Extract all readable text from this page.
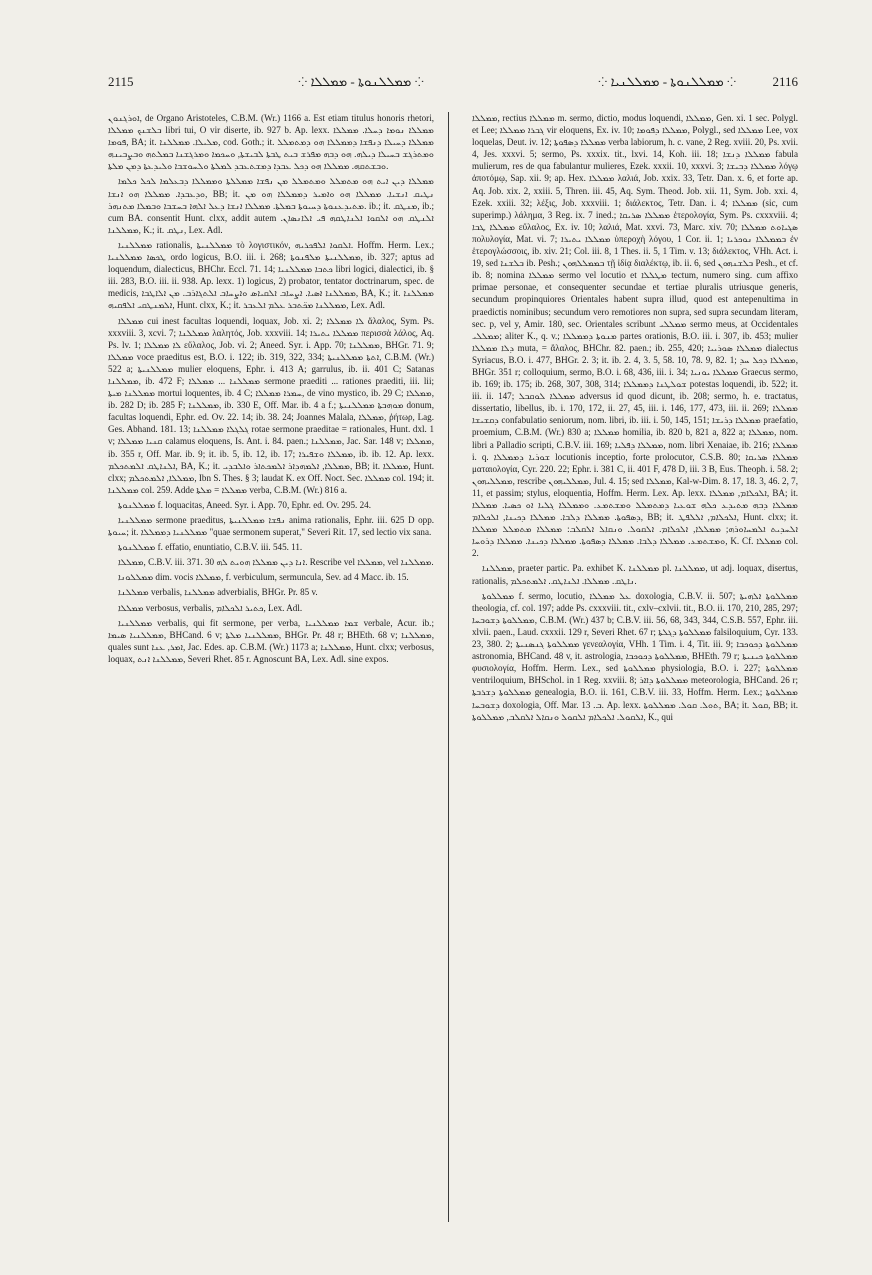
2115	⁘ ܡܡܠܠܢܘܬܐ - ܡܡܠܠܐ ⁘	⁘ ܡܡܠܠܢܘܬܐ - ܡܡܠܠܢܝܐ ⁘	2116

ܐܘܪܓܢܘܢ, de Organo Aristoteles, C.B.M. (Wr.) 1166 a. Est etiam titulus honoris rhetori, ܒܠܫܢܟ ܡܡܠܠܐ libri tui, O vir diserte, ib. 927 b. Ap. lexx. ܡܡܠܠܐ ܢܘܡܐ ܕܚܠܐ. ܡܡܠܠܐ ܦܘܡܐ, BA; it. ܡܠܝܠܐ. ܡܡܠܠܢܐ, cod. Goth.; it. ܡܡܠܠܐ ܕܚܝܠܐ ܕܢܦܫܐ ܕܡܡܠܠܐ ܗܘ ܕܡܬܡܠܠ ܘܡܬܪܓܫ ܒܚܝܠܐ ܕܝܠܗ. ܗܘ ܕܒܗ ܡܦܪܫ ܒܝܬ ܛܒܬܐ ܠܒܝܫܬܐ, ܘܚܟܡܐ ܘܡܪܓܫܢܐ ܒܡܠܬܗ ܘܒܨܒܝܢܗ ܘܒܫܬܩܗ. ܡܡܠܠܐ ܗܘ ܕܟܠ ܥܒܕܐ ܕܡܫܬܥܒܕ ܠܡܠܬܐ ܘܠܚܘܫܒܐ ܘܠܝܕܥܬܐ ܕܡܢ ܡܠܬܐ.

ܡܡܠܠܐ ܕܝܢ ܐܝܬ ܗܘ ܡܬܡܠܠ ܘܡܬܡܠܠ ܡܢ ܢܦܫܐ ܡܡܠܠܬܐ ܘܡܡܠܠܐ ܕܒܥܠܡܐ ܠܟܠ ܟܠܡܐ ܘܕܥܒܕܐ. ܡܡܠܠܐ ܗܘ ܐܢܫܐ, BB; it. ܢܛܝܩ ܐܢܫܝܐ. ܡܡܠܠܐ ܗܘ ܘܐܡܝܪ ܕܡܡܠܠܐ ܗܘ ܡܢ ܡܬܝܕܥܢܘܬܐ ܕܚܝܘܬܐ ܒܡܠܬܐ. ܡܡܠܠܐ ܐܢܫܐ ܕܥܠ ܐܠܗܐ ܒܚܫܒܐ ܘܒܡܠܐ ܡܬܢܗܪ. ib.; it. ܡܢܛܩ, ib.; cum BA. consentit Hunt. clxx, addit autem ܐܠܢܛܩ ܗܘ ܐܠܩܘܐ ܐܠܢܐܛܩܗ ܦܝ ܐܠܐܢܣܐܢ. ܡܡܠܠܢܐ, K.; it. ܢܛܩ, Lex. Adl.

ܡܡܠܠܢܝܐ rationalis, ܡܡܠܠܢܝܬܐ τὸ λογιστικόν, ܐܠܩܘܐ ܐܠܦܟܪܝܗ. Hoffm. Herm. Lex.; ܛܟܣܐ ܡܡܠܠܢܝܐ ordo logicus, B.O. iii. i. 268; ܡܡܠܠܢܝܬܐ ܡܠܦܢܘܬܐ, ib. 327; aptus ad loquendum, dialecticus, BHChr. Eccl. 71. 14; ܟܬܒܐ ܡܡܠܠܢܝܐ libri logici, dialectici, ib. § iii. 283, B.O. iii. ii. 938. Ap. lexx. 1) logicus, 2) probator, tentator doctrinarum, spec. de medicis, ܡܡܠܠܢܐ ܐܣܝܐ. ܐܨܚܐܒ ܐܠܩܝܐܣ ܘܐܨܚܐܒ ܐܠܬܓܐܪܒ. ܡܢ ܐܠܐܛܒܐ, BA, K.; it. ܡܡܠܠܢܐ ܐܠܡܢܛܩܝ ܐܠܦܩܝܗ, Hunt. clxx, K.; it. ܡܡܠܠܢܐ ܡܟ̈ܬܒܪ ܥܠܡ ܐܠܥܒܪ, Lex. Adl.

ܡܡܠܠܐ cui inest facultas loquendi, loquax, Job. xi. 2; ܠܐ ܡܡܠܠܐ ἄλαλος, Sym. Ps. xxxviii. 3, xcvi. 7; ܡܡܠܠܢܐ λαλητός, Job. xxxviii. 14; ܡܡܠܠܐ ܝܬܝܪܐ περισσὰ λάλος, Aq. Ps. lv. 1; ܠܐ ܡܡܠܠܐ εὔλαλος, Job. vi. 2; Aneed. Syr. i. App. 70; ܡܡܠܠܢܐ, BHGr. 71. 9; ܡܡܠܠܐ voce praeditus est, B.O. i. 122; ib. 319, 322, 334; ܐܬܬܐ ܡܡܠܠܢܝܬܐ, C.B.M. (Wr.) 522 a; ܡܡܠܠܢܝܬܐ mulier eloquens, Ephr. i. 413 A; garrulus, ib. ii. 401 C; Satanas ܡܡܠܠܢܐ, ib. 472 F; ܡܡܠܠܢܐ ... ܡܡܠܠܐ sermone praediti ... rationes praediti, iii. lii; ܡܡܠܠܢܐ ܡܝܬܐ mortui loquentes, ib. 4 C; ܚܡܪܐ ܡܡܠܠܐ, de vino mystico, ib. 29 C; ܡܡܠܠܐ, ib. 282 D; ib. 285 F; ܡܡܠܠܢܐ, ib. 330 E, Off. Mar. ib. 4 a f.; ܡܘܗܒܬܐ ܡܡܠܠܢܝܬܐ donum, facultas loquendi, Ephr. ed. Ov. 22. 14; ib. 38. 24; Joannes Malala, ܡܡܠܠܐ, ῥήτωρ, Lag. Ges. Abhand. 181. 13; ܓܠܓܠܐ ܡܡܠܠܢܐ rotae sermone praeditae = rationales, Hunt. dxl. 1 v; ܩܢܝܐ ܡܡܠܠܐ calamus eloquens, Is. Ant. i. 84. paen.; ܡܡܠܠܢܐ, Jac. Sar. 148 v; ܡܡܠܠܐ, ib. 355 r, Off. Mar. ib. 9; it. ib. 5, ib. 12, ib. 17; ܡܡܠܠܐ ܘܫܦܝܪܐ, ib. ib. 12. Ap. lexx. ܐܠܢܐܛܩ ܐܠܡܬܟܠܡ, BA, K.; it. ܡܡܠܠܐ, ܐܠܡܗܕܐܪ ܐܠܡܟܬܐܪ ܘܐܠܒܕܝ, BB; it. ܡܡܠܠܐ, Hunt. clxx; ܡܡܠܠܐ, ܐܠܡܬܟܠܡ, Ibn S. Thes. § 3; laudat K. ex Off. Noct. Sec. ܡܡܠܠܐ col. 194; it. ܡܡܠܠܢܐ col. 259. Adde ܡܡܠܠܐ = ܡܠܬܐ verba, C.B.M. (Wr.) 816 a.

ܡܡܠܠܢܘܬܐ f. loquacitas, Aneed. Syr. i. App. 70, Ephr. ed. Ov. 295. 24.

ܡܡܠܠܢܝܐ sermone praeditus, ܢܦܫܐ ܡܡܠܠܢܝܬܐ anima rationalis, Ephr. iii. 625 D opp. ܚܝܘܬܐ; it. ܡܡܠܠܢܝܐ ܕܡܡܠܠܐ "quae sermonem superat," Severi Rit. 17, sed lectio vix sana.

ܡܡܠܠܢܘܬܐ f. effatio, enuntiatio, C.B.V. iii. 545. 11.

ܡܡܠܠܐ, C.B.V. iii. 371. 30 ܐܢܐ ܕܝܢ ܡܡܠܠܐ ܗܘܝܬ ܠܗ. Rescribe vel ܡܡܠܠܐ, vel ܡܡܠܠܢܐ.

ܡܡܠܠܘܢܐ dim. vocis ܡܡܠܠܐ, f. verbiculum, sermuncula, Sev. ad 4 Macc. ib. 15.

ܡܡܠܠܢܐ verbalis, ܡܡܠܠܢܐ adverbialis, BHGr. Pr. 85 v.

ܡܡܠܠܐ verbosus, verbalis, ܟܬܝܪ ܐܠܟܠܐܡ, Lex. Adl.

ܡܡܠܠܢܝܐ verbalis, qui fit sermone, per verba, ܫܡܐ ܡܡܠܠܢܝܐ verbale, Acur. ib.; ܡܡܠܠܢܝܐ ܣܝܡܐ, BHCand. 6 v; ܡܡܠܠܢܝܐ ܡܠܬܐ, BHGr. Pr. 48 r; BHEth. 68 v; ܡܡܠܠܢܐ, quales sunt ܐܡܪ, ܥܢܐ, Jac. Edes. ap. C.B.M. (Wr.) 1173 a; ܡܡܠܠܢܐ, Hunt. clxx; verbosus, loquax, ܡܡܠܠܢܐ ܐܢܬ, Severi Rhet. 85 r. Agnoscunt BA, Lex. Adl. sine expos.

ܡܡܠܠܐ, rectius ܡܡܠܠܐ m. sermo, dictio, modus loquendi, ܡܡܠܠܐ, Gen. xi. 1 sec. Polygl. et Lee; ܓܒܪܐ ܡܡܠܠܐ vir eloquens, Ex. iv. 10; ܡܡܠܠܐ ܕܦܘܡܐ, Polygl., sed ܡܡܠܠܐ Lee, vox loquelas, Deut. iv. 12; ܡܡܠܠܐ ܕܣܦܘܬܐ verba labiorum, h. c. vane, 2 Reg. xviii. 20, Ps. xvii. 4, Jes. xxxvi. 5; sermo, Ps. xxxix. tit., lxvi. 14, Koh. iii. 18; ܡܡܠܠܐ ܕܢܫܐ fabula mulierum, res de qua fabulantur mulieres, Ezek. xxxii. 10, xxxvi. 3; ܡܡܠܠܐ ܕܒܝܫܐ λόγῳ ἀποτόμῳ, Sap. xii. 9; ap. Hex. ܡܡܠܠܐ λαλιά, Job. xxix. 33, Tetr. Dan. x. 6, et forte ap. Aq. Job. xix. 2, xxiii. 5, Thren. iii. 45, Aq. Sym. Theod. Job. xii. 11, Sym. Job. xxi. 4, Ezek. xxiii. 32; λέξις, Job. xxxviii. 1; διάλεκτος, Tetr. Dan. i. 4; ܡܡܠܠܐ (sic, cum superimp.) λάλημα, 3 Reg. ix. 7 ined.; ܡܡܠܠܐ ܣܪܝܩܐ ἑτερολογία, Sym. Ps. cxxxviii. 4; ܡܡܠܠܐ ܛܒܐ εὔλαλος, Ex. iv. 10; λαλιά, Mat. xxvi. 73, Marc. xiv. 70; ܣܓܝܐܘܬ ܡܡܠܠܐ πολυλογία, Mat. vi. 7; ܡܡܠܠܐ ܝܬܝܪܐ ὑπεροχὴ λόγου, 1 Cor. ii. 1; ܒܡܡܠܠܐ ܢܘܟܪܝܐ ἐν ἑτερογλώσσοις, ib. xiv. 21; Col. iii. 8, 1 Thes. ii. 5, 1 Tim. v. 13; διάλεκτος, VHh. Act. i. 19, sed ܒܠܫܢܐ ib. Pesh.; ܒܡܡܠܠܗܘܢ τῇ ἰδίᾳ διαλέκτῳ, ib. ii. 6, sed ܒܠܫܢܗܘܢ Pesh., et cf. ib. 8; nomina ܡܡܠܠܐ sermo vel locutio et ܡܛܠܠܐ tectum, numero sing. cum affixo primae personae, et consequenter secundae et tertiae pluralis utriusque generis, secundum propinquiores Orientales habent supra illud, quod est antepenultima in praedictis nominibus; secundum vero remotiores non supra, sed supra secundam literam, sec. p, vel y, Amir. 180, sec. Orientales scribunt ܡܡܠܠܝ sermo meus, at Occidentales ܡܡܠܠܝ; aliter K., q. v.; ܡܢܘܬܐ ܕܡܡܠܠܐ partes orationis, B.O. iii. i. 307, ib. 453; mulier ܕܠܐ ܡܡܠܠܐ muta, = ἄλαλος, BHChr. 82. paen.; ib. 255, 420; ܡܡܠܠܐ ܣܘܪܝܝܐ dialectus Syriacus, B.O. i. 477, BHGr. 2. 3; it. ib. 2. 4, 3. 5, 58. 10, 78. 9, 82. 1; ܡܡܠܠܐ ܕܟܠ ܚܕ, BHGr. 351 r; colloquium, sermo, B.O. i. 68, 436, iii. i. 34; ܡܡܠܠܐ ܝܘܢܝܐ Graecus sermo, ib. 169; ib. 175; ib. 268, 307, 308, 314; ܫܘܠܛܢܐ ܕܡܡܠܠܐ potestas loquendi, ib. 522; it. iii. ii. 147; ܡܡܠܠܐ ܠܘܩܒܠ adversus id quod dicunt, ib. 208; sermo, h. e. tractatus, dissertatio, libellus, ib. i. 170, 172, ii. 27, 45, iii. i. 146, 177, 473, iii. ii. 269; ܡܡܠܠܐ ܕܩܫܝܫܐ confabulatio seniorum, nom. libri, ib. iii. i. 50, 145, 151; ܡܡܠܠܐ ܕܪܝܫܐ praefatio, proemium, C.B.M. (Wr.) 830 a; ܡܡܠܠܐ homilia, ib. 820 b, 821 a, 822 a; ܡܡܠܠܐ, nom. libri a Palladio scripti, C.B.V. iii. 169; ܡܡܠܠܐ ܕܦܠܝܐ, nom. libri Xenaiae, ib. 216; ܡܡܠܠܐ i. q. ܫܘܪܝܐ ܕܡܡܠܠܐ locutionis inceptio, forte prolocutor, C.S.B. 80; ܡܡܠܠܐ ܣܪܝܩܐ ματαιολογία, Cyr. 220. 22; Ephr. i. 381 C, ii. 401 F, 478 D, iii. 3 B, Eus. Theoph. i. 58. 2; ܡܡܠܠܝܗܘܢ, rescribe ܡܡܠܠܝܗܘܢ, Jul. 4. 15; sed ܡܡܠܠܐ, Kal-w-Dim. 8. 17, 18. 3, 46. 2, 7, 11, et passim; stylus, eloquentia, Hoffm. Herm. Lex. Ap. lexx. ܐܠܟܠܐܡ, ܡܡܠܠܐ, BA; it. ܡܡܠܠܐ ܕܒܗ ܡܬܝܕܥ ܟܠܗ ܫܘܥܝܐ ܕܡܬܡܠܠ ܘܡܫܬܡܥ. ܘܡܡܠܠܐ ܓܠܝܐ ܐܘ ܟܣܝܐ. ܡܡܠܠܐ ܕܣܦܘܬܐ. ܡܡܠܠܐ ܕܠܒܐ. ܡܡܠܠܐ ܕܟܝܢܐ, ܐܠܟܠܐܡ, BB; it. ܐܠܟܠܐܡ, ܐܠܠܦܛ, Hunt. clxx; it. ܐܠܚܕܝܬ ܐܠܡܚܐܘܪܗ; ܡܡܠܠܐ, ܐܠܟܠܐܡ. ܐܠܩܘܠ. ܘܢܩܐܠ ܐܠܩܠܒ: ܡܡܠܠܐ ܡܬܡܠܠ ܡܡܠܠܐ ܘܡܫܬܡܥ. ܡܡܠܠܐ ܕܠܒܐ. ܡܡܠܠܐ ܕܣܦܘܬܐ. ܡܡܠܠܐ ܕܟܝܢܐ. ܡܡܠܠܐ ܕܪܘܚܐ, K. Cf. ܡܡܠܠܐ col. 2.

ܡܡܠܠܢܐ, praeter partic. Pa. exhibet K. ܡܡܠܠܢܐ pl. ܡܡܠܠܢܐ, ut adj. loquax, disertus, rationalis, ܢܐܛܩ. ܡܡܠܠܐ. ܐܠܢܐܛܩ. ܐܠܡܬܟܠܡ.

ܡܡܠܠܘܬܐ f. sermo, locutio, ܥܠ ܡܡܠܠܐ doxologia, C.B.V. ii. 507; ܡܡܠܠܘܬܐ ܐܠܗܝܬܐ theologia, cf. col. 197; adde Ps. cxxxviii. tit., cxlv–cxlvii. tit., B.O. ii. 170, 210, 285, 297; ܡܡܠܠܘܬܐ ܕܫܘܒܚܐ, C.B.M. (Wr.) 437 b; C.B.V. iii. 56, 68, 343, 344, C.S.B. 557, Ephr. iii. xlvii. paen., Laud. cxxxii. 129 r, Severi Rhet. 67 r; ܡܡܠܠܘܬܐ ܕܓܠܬܐ falsiloquium, Cyr. 133. 23, 380. 2; ܡܡܠܠܘܬܐ ܓܢܣܢܝܬܐ γενεαλογία, VHh. 1 Tim. i. 4, Tit. iii. 9; ܡܡܠܠܘܬܐ ܕܟܘܟܒܐ astronomia, BHCand. 48 v, it. astrologia, ܡܡܠܠܘܬܐ ܕܟܘܟܒܐ, BHEth. 79 r; ܡܡܠܠܘܬܐ ܟܝܢܝܬܐ φυσιολογία, Hoffm. Herm. Lex., sed ܡܡܠܠܘܬܐ physiologia, B.O. i. 227; ܡܡܠܠܘܬܐ ventriloquium, BHSchol. in 1 Reg. xxviii. 8; ܡܡܠܠܘܬܐ ܕܐܐܪ meteorologia, BHCand. 26 r; ܡܡܠܠܘܬܐ ܕܫܪܒܬܐ genealogia, B.O. ii. 161, C.B.V. iii. 33, Hoffm. Herm. Lex.; ܡܡܠܠܘܬܐ ܕܫܘܒܚܐ doxologia, Off. Mar. ܒ. 13. Ap. lexx. ܬܘܠ. ܩܘܠ. ܡܡܠܠܘܬܐ, BA; it. ܩܘܠ, BB; it. ܐܠܩܘܠ. ܐܠܟܠܐܡ ܐܠܩܘܠ ܘܢܩܐܠ ܐܠܩܠܒ, ܡܡܠܠܘܬܐ, K., qui
